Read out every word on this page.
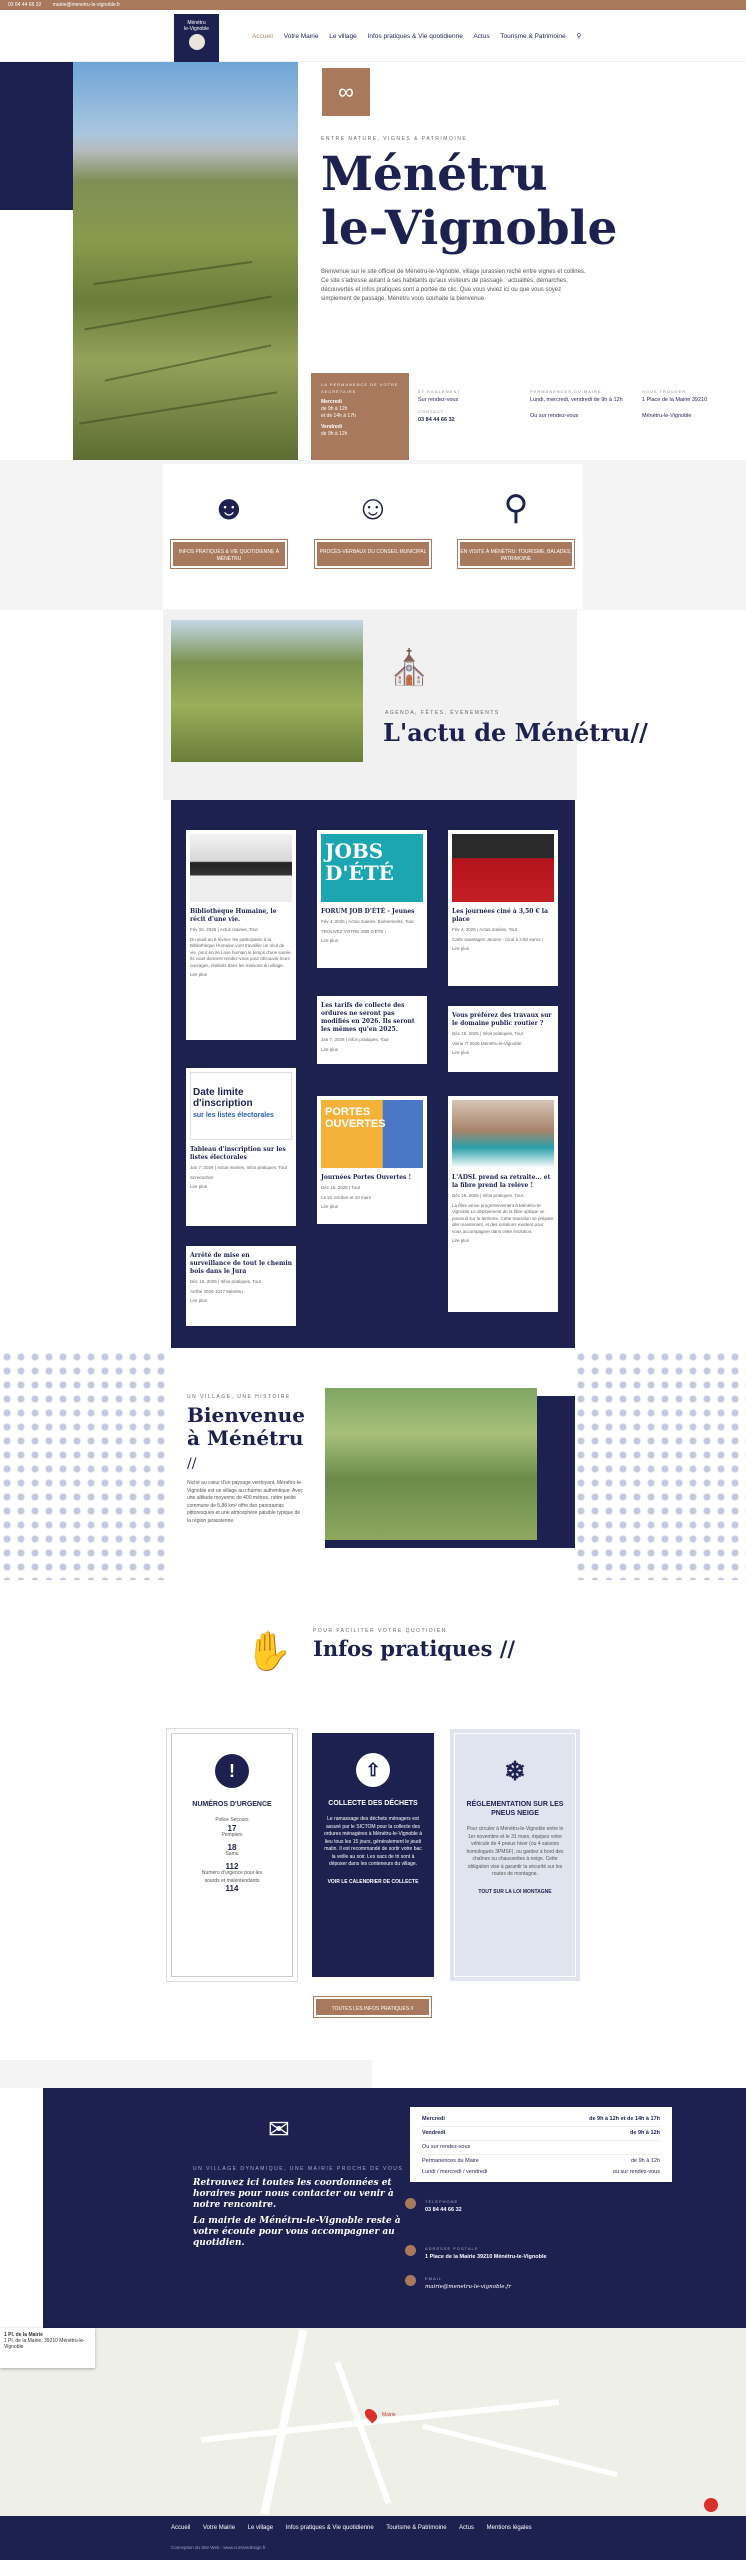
03 84 44 66 32 mairie@menetru-le-vignoble.fr
Ménétru
le-Vignoble
Accueil Votre Mairie Le village Infos pratiques & Vie quotidienne Actus Tourisme & Patrimoine ⚲
∞
ENTRE NATURE, VIGNES & PATRIMOINE
Ménétru
le-Vignoble
Bienvenue sur le site officiel de Ménétru-le-Vignoble, village jurassien niché entre vignes et collines. Ce site s'adresse autant à ses habitants qu'aux visiteurs de passage : actualités, démarches, découvertes et infos pratiques sont à portée de clic. Que vous viviez ici ou que vous soyez simplement de passage, Ménétru vous souhaite la bienvenue.
LA PERMANENCE DE VOTRE SECRÉTAIRE
Mercredi
de 9h à 12h
et de 14h à 17h
Vendredi
de 9h à 12h
ET EGALEMENT
Sur rendez-vous
CONTACT
03 84 44 66 32
PERMANENCES DU MAIRE
Lundi, mercredi, vendredi de 9h à 12h
Ou sur rendez-vous
NOUS TROUVER
1 Place de la Mairie 39210
Ménétru-le-Vignoble
☻
INFOS PRATIQUES & VIE QUOTIDIENNE À MÉNÉTRU
☺
PROCÈS-VERBAUX DU CONSEIL MUNICIPAL
⚲
EN VISITE À MÉNÉTRU: TOURISME, BALADES, PATRIMOINE
⛪
AGENDA, FÊTES, ÉVÉNEMENTS
L'actu de Ménétru//
Bibliothèque Humaine, le récit d'une vie.

Fév 15, 2026 | Actus mairies, Tout

Du jeudi au 6 février, les participants à la Bibliothèque Humaine vont travailler un récit de vie, pour écrire Livre humain le temps d'une soirée. Ils vous donnent rendez-vous pour découvrir leurs ouvrages, réalisés dans les maisons du village.

Lire plus
JOBS
D'ÉTÉ
FORUM JOB D'ÉTÉ - Jeunes

Fév 4, 2026 | Actus mairies, Evènements, Tout

TROUVEZ VOTRE JOB D'ÉTÉ !

Lire plus
Les journées ciné à 3,50 € la place

Fév 4, 2026 | Actus mairies, Tout

Carte Avantages Jeunes - Ciné à 3,50 euros !

Lire plus
Les tarifs de collecte des ordures ne seront pas modifiés en 2026. Ils seront les mêmes qu'en 2025.

Jan 7, 2026 | Infos pratiques, Tout

Lire plus
Vous préférez des travaux sur le domaine public routier ?

Déc 16, 2025 | Infos pratiques, Tout

Voirie IT 2026 Ménétru-le-Vignoble

Lire plus
Date limite
d'inscription
sur les listes électorales
Tableau d'inscription sur les listes électorales

Jan 7, 2026 | Actus mairies, Infos pratiques, Tout

Screenshot

Lire plus
PORTES
OUVERTES
Journées Portes Ouvertes !

Déc 16, 2025 | Tout

Le 24 octobre et 10 mars

Lire plus
L'ADSL prend sa retraite... et la fibre prend la relève !

Déc 16, 2025 | Infos pratiques, Tout

La fibre arrive progressivement à Ménétru-le-Vignoble Le déploiement de la fibre optique se poursuit sur le territoire. Cette transition se prépare dès maintenant, et des solutions existent pour vous accompagner dans cette évolution.

Lire plus
Arrêté de mise en surveillance de tout le chemin bois dans le Jura

Déc 16, 2025 | Infos pratiques, Tout

Arrêté 2025-1017 Ménétru

Lire plus
UN VILLAGE, UNE HISTOIRE
Bienvenue
à Ménétru
//
Niché au cœur d'un paysage verdoyant, Ménétru-le-Vignoble est un village au charme authentique. Avec une altitude moyenne de 400 mètres, notre petite commune de 5,88 km² offre des panoramas pittoresques et une atmosphère paisible typique de la région jurassienne.
✋	POUR FACILITER VOTRE QUOTIDIEN
Infos pratiques //
!
NUMÉROS D'URGENCE
Police Secours
17
Pompiers
18
Samu
112
Numéro d'urgence pour les sourds et malentendants
114
⇧
COLLECTE DES DÉCHETS
Le ramassage des déchets ménagers est assuré par le SICTOM pour la collecte des ordures ménagères à Ménétru-le-Vignoble à lieu tous les 15 jours, généralement le jeudi matin. Il est recommandé de sortir votre bac la veille au soir. Les sacs de tri sont à déposer dans les conteneurs du village.
VOIR LE CALENDRIER DE COLLECTE
❄
RÉGLEMENTATION SUR LES PNEUS NEIGE
Pour circuler à Ménétru-le-Vignoble entre le 1er novembre et le 31 mars, équipez votre véhicule de 4 pneus hiver (ou 4 saisons homologués 3PMSF), ou gardez à bord des chaînes ou chaussettes à neige. Cette obligation vise à garantir la sécurité sur les routes de montagne.
TOUT SUR LA LOI MONTAGNE
TOUTES LES INFOS PRATIQUES //
✉
UN VILLAGE DYNAMIQUE, UNE MAIRIE PROCHE DE VOUS
Retrouvez ici toutes les coordonnées et horaires pour nous contacter ou venir à notre rencontre.
La mairie de Ménétru-le-Vignoble reste à votre écoute pour vous accompagner au quotidien.
Mercredi	de 9h à 12h et de 14h à 17h
Vendredi	de 9h à 12h
Ou sur rendez-vous
Permanences du Maire	de 9h à 12h
Lundi / mercredi / vendredi	ou sur rendez-vous
TÉLÉPHONE
03 84 44 66 32
ADRESSE POSTALE
1 Place de la Mairie 39210 Ménétru-le-Vignoble
EMAIL
mairie@menetru-le-vignoble.fr
1 Pl. de la Mairie
1 Pl. de la Mairie, 39210 Ménétru-le-Vignoble
Mairie
Accueil Votre Mairie Le village Infos pratiques & Vie quotidienne Tourisme & Patrimoine Actus Mentions légales
Conception du Site Web : www.cursivedesign.fr
